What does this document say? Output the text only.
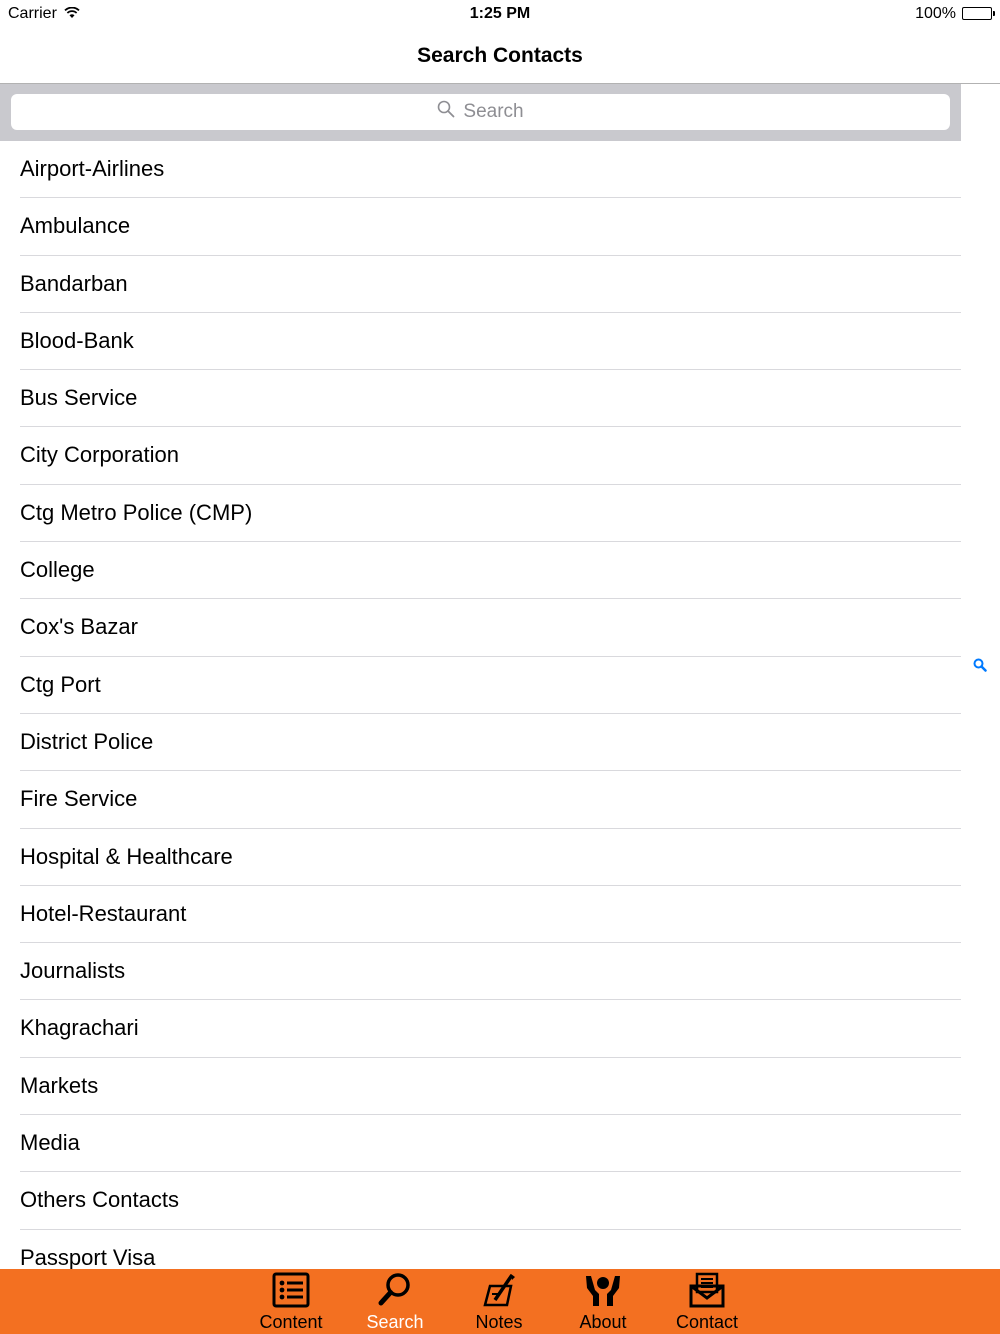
Carrier	1:25 PM	100%
Search Contacts
Search
Airport-Airlines
Ambulance
Bandarban
Blood-Bank
Bus Service
City Corporation
Ctg Metro Police (CMP)
College
Cox's Bazar
Ctg Port
District Police
Fire Service
Hospital & Healthcare
Hotel-Restaurant
Journalists
Khagrachari
Markets
Media
Others Contacts
Passport Visa
Content	Search	Notes	About	Contact
